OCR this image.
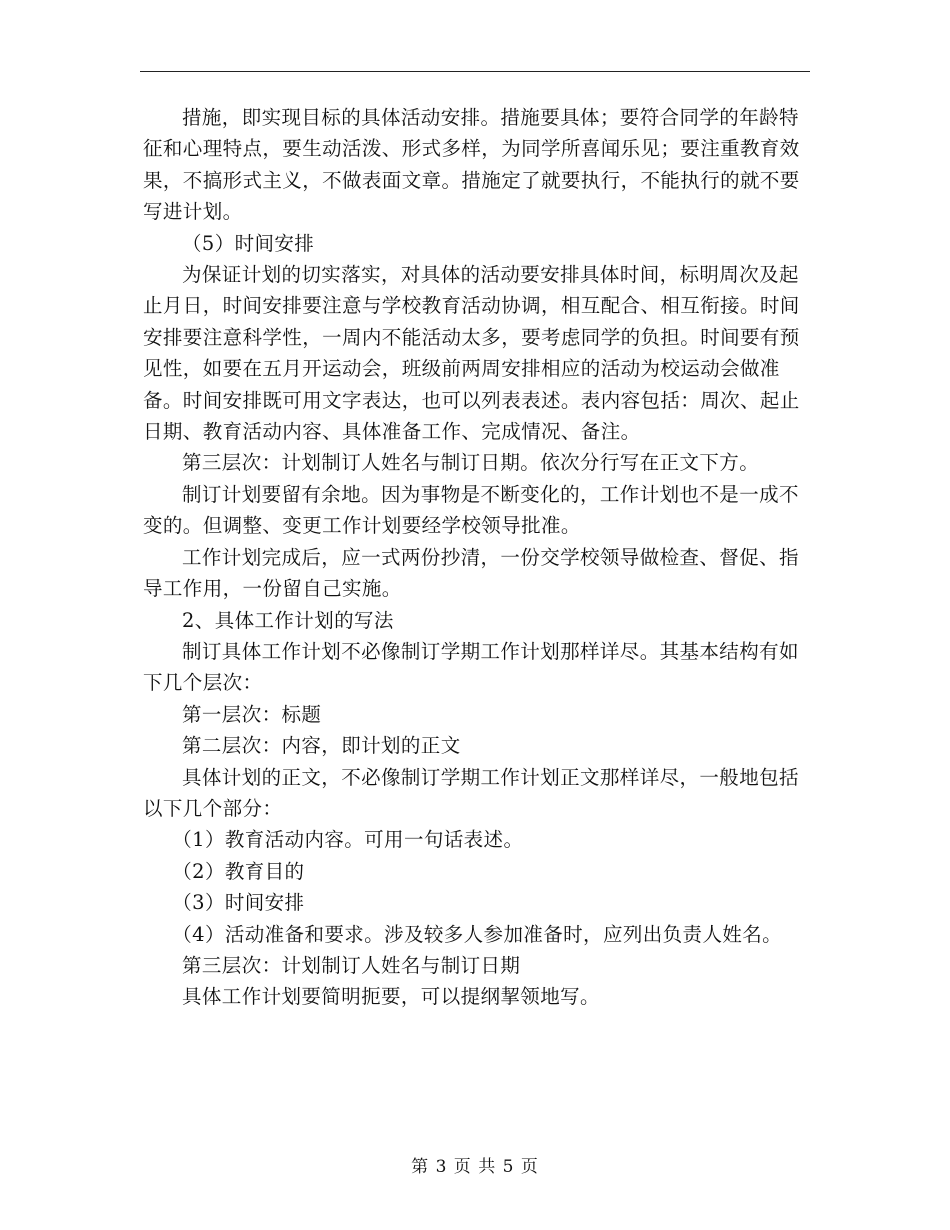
措施，即实现目标的具体活动安排。措施要具体；要符合同学的年龄特征和心理特点，要生动活泼、形式多样，为同学所喜闻乐见；要注重教育效果，不搞形式主义，不做表面文章。措施定了就要执行，不能执行的就不要写进计划。

（5）时间安排

为保证计划的切实落实，对具体的活动要安排具体时间，标明周次及起止月日，时间安排要注意与学校教育活动协调，相互配合、相互衔接。时间安排要注意科学性，一周内不能活动太多，要考虑同学的负担。时间要有预见性，如要在五月开运动会，班级前两周安排相应的活动为校运动会做准备。时间安排既可用文字表达，也可以列表表述。表内容包括：周次、起止日期、教育活动内容、具体准备工作、完成情况、备注。

第三层次：计划制订人姓名与制订日期。依次分行写在正文下方。

制订计划要留有余地。因为事物是不断变化的，工作计划也不是一成不变的。但调整、变更工作计划要经学校领导批准。

工作计划完成后，应一式两份抄清，一份交学校领导做检查、督促、指导工作用，一份留自己实施。

2、具体工作计划的写法

制订具体工作计划不必像制订学期工作计划那样详尽。其基本结构有如下几个层次：

第一层次：标题

第二层次：内容，即计划的正文

具体计划的正文，不必像制订学期工作计划正文那样详尽，一般地包括以下几个部分：

（1）教育活动内容。可用一句话表述。

（2）教育目的

（3）时间安排

（4）活动准备和要求。涉及较多人参加准备时，应列出负责人姓名。

第三层次：计划制订人姓名与制订日期

具体工作计划要简明扼要，可以提纲挈领地写。

第 3 页 共 5 页
